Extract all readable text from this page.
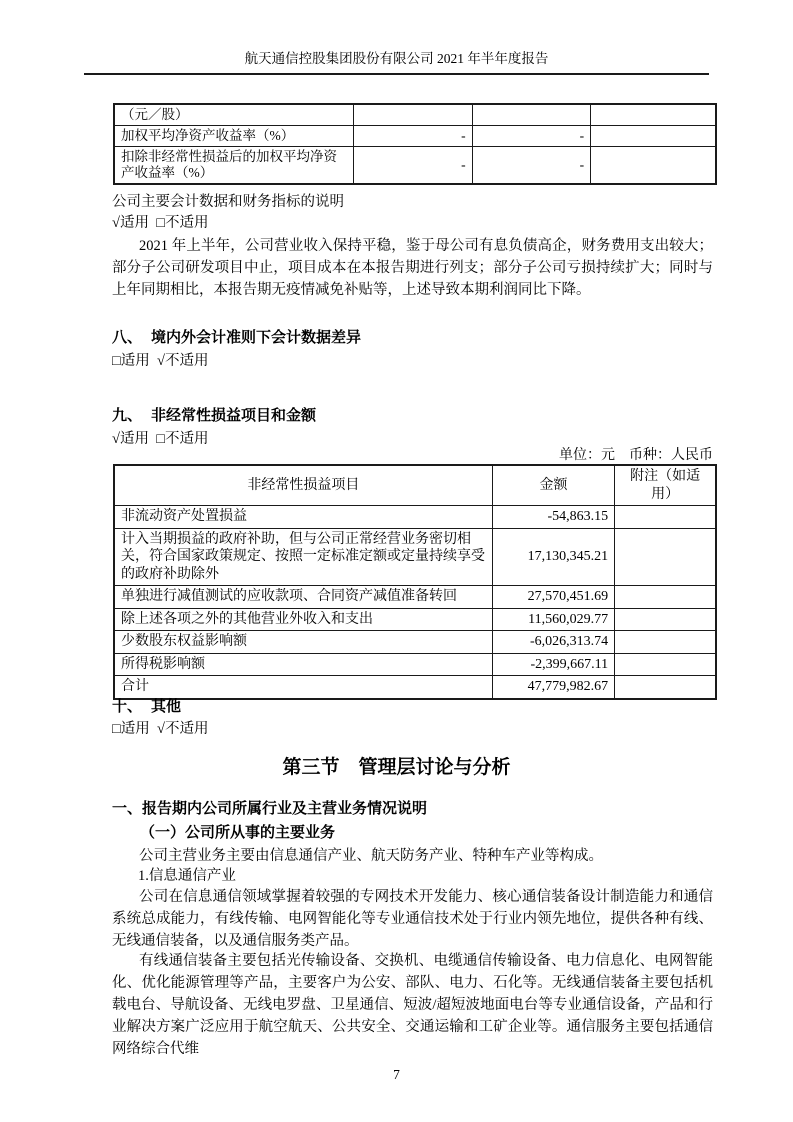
航天通信控股集团股份有限公司 2021 年半年度报告
（元／股）			
加权平均净资产收益率（%）	-	-	
扣除非经常性损益后的加权平均净资产收益率（%）	-	-	
公司主要会计数据和财务指标的说明
√适用  □不适用

2021 年上半年，公司营业收入保持平稳，鉴于母公司有息负债高企，财务费用支出较大；部分子公司研发项目中止，项目成本在本报告期进行列支；部分子公司亏损持续扩大；同时与上年同期相比，本报告期无疫情减免补贴等，上述导致本期利润同比下降。

八、 境内外会计准则下会计数据差异
□适用  √不适用
九、 非经常性损益项目和金额
√适用  □不适用
单位：元　币种：人民币
非经常性损益项目	金额	附注（如适用）
非流动资产处置损益	-54,863.15	
计入当期损益的政府补助，但与公司正常经营业务密切相关，符合国家政策规定、按照一定标准定额或定量持续享受的政府补助除外	17,130,345.21	
单独进行减值测试的应收款项、合同资产减值准备转回	27,570,451.69	
除上述各项之外的其他营业外收入和支出	11,560,029.77	
少数股东权益影响额	-6,026,313.74	
所得税影响额	-2,399,667.11	
合计	47,779,982.67	
十、 其他
□适用  √不适用
第三节　管理层讨论与分析
一、报告期内公司所属行业及主营业务情况说明
（一）公司所从事的主要业务

公司主营业务主要由信息通信产业、航天防务产业、特种车产业等构成。

1.信息通信产业

公司在信息通信领域掌握着较强的专网技术开发能力、核心通信装备设计制造能力和通信系统总成能力，有线传输、电网智能化等专业通信技术处于行业内领先地位，提供各种有线、无线通信装备，以及通信服务类产品。

有线通信装备主要包括光传输设备、交换机、电缆通信传输设备、电力信息化、电网智能化、优化能源管理等产品，主要客户为公安、部队、电力、石化等。无线通信装备主要包括机载电台、导航设备、无线电罗盘、卫星通信、短波/超短波地面电台等专业通信设备，产品和行业解决方案广泛应用于航空航天、公共安全、交通运输和工矿企业等。通信服务主要包括通信网络综合代维

7
